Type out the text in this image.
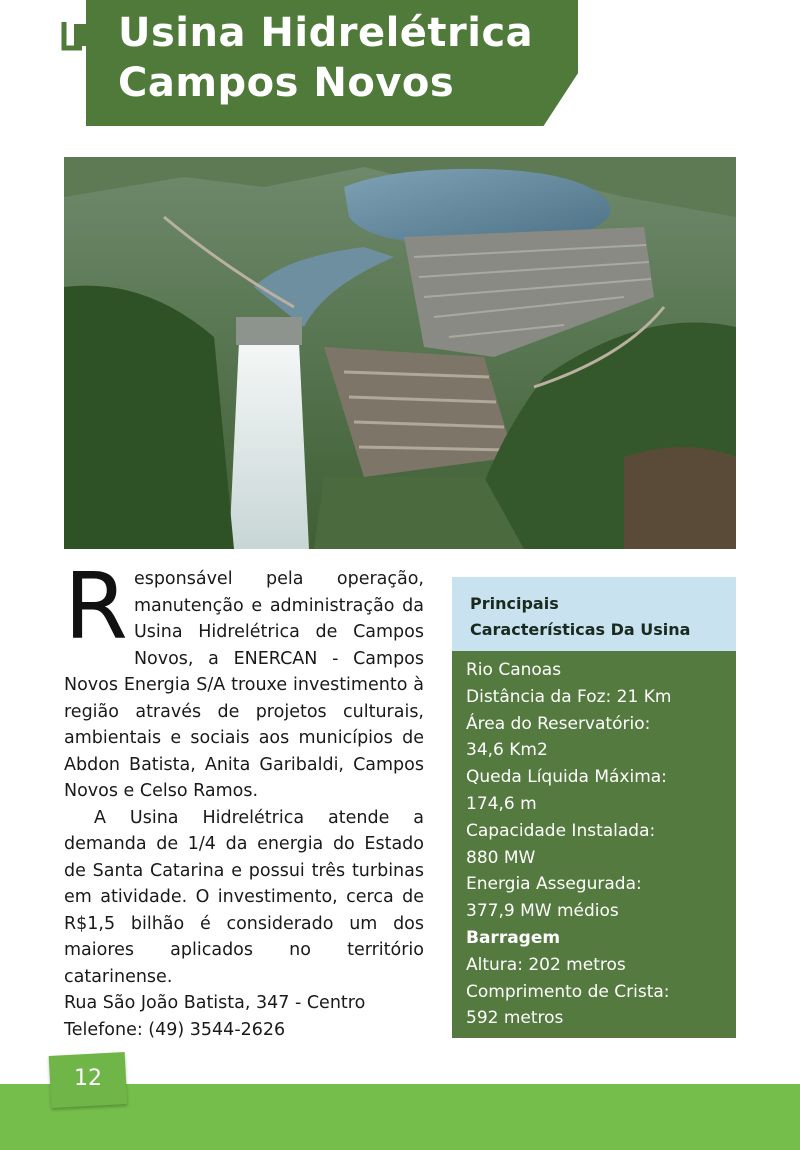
Usina Hidrelétrica
Campos Novos
R esponsável pela operação, manutenção e administração da Usina Hidrelétrica de Campos Novos, a ENERCAN - Campos Novos Energia S/A trouxe investimento à região através de projetos culturais, ambientais e sociais aos municípios de Abdon Batista, Anita Garibaldi, Campos Novos e Celso Ramos.
A Usina Hidrelétrica atende a demanda de 1/4 da energia do Estado de Santa Catarina e possui três turbinas em atividade. O investimento, cerca de R$1,5 bilhão é considerado um dos maiores aplicados no território catarinense.
Rua São João Batista, 347 - Centro
Telefone: (49) 3544-2626
Principais
Características Da Usina
Rio Canoas
Distância da Foz: 21 Km
Área do Reservatório:
34,6 Km2
Queda Líquida Máxima:
174,6 m
Capacidade Instalada:
880 MW
Energia Assegurada:
377,9 MW médios
Barragem
Altura: 202 metros
Comprimento de Crista:
592 metros
12
